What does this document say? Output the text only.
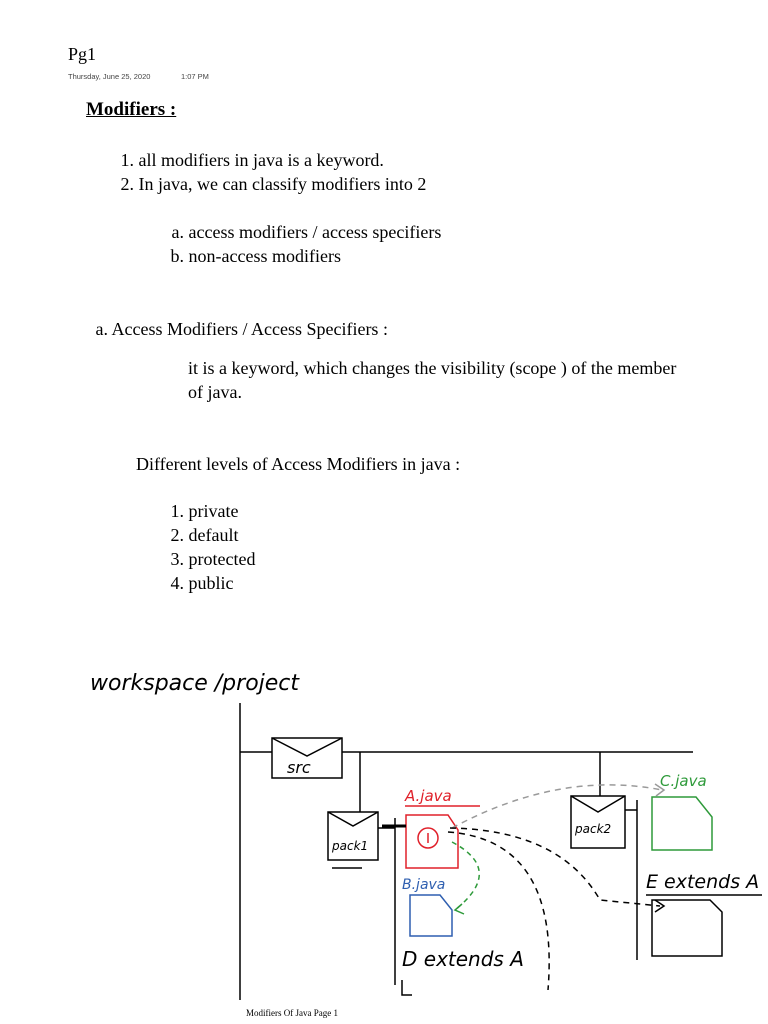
Pg1
Thursday, June 25, 2020	1:07 PM
Modifiers :
1. all modifiers in java is a keyword.
2. In java, we can classify modifiers into 2
a. access modifiers / access specifiers
b. non-access modifiers
a. Access Modifiers / Access Specifiers :
it is a keyword, which changes the visibility (scope ) of the member
of java.
Different levels of Access Modifiers in java :
1. private
2. default
3. protected
4. public
workspace /project
src
pack1
A.java
B.java
D extends A
pack2
C.java
E extends A
Modifiers Of Java Page 1
